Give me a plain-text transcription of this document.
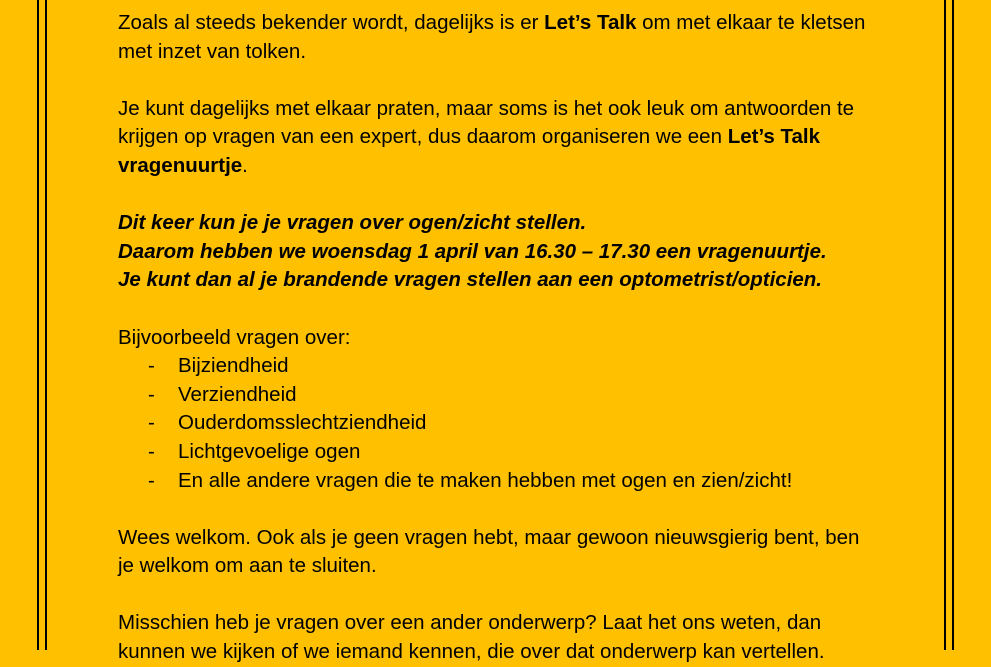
Zoals al steeds bekender wordt, dagelijks is er Let’s Talk om met elkaar te kletsen met inzet van tolken.

Je kunt dagelijks met elkaar praten, maar soms is het ook leuk om antwoorden te krijgen op vragen van een expert, dus daarom organiseren we een Let’s Talk vragenuurtje.

Dit keer kun je je vragen over ogen/zicht stellen.
Daarom hebben we woensdag 1 april van 16.30 – 17.30 een vragenuurtje.
Je kunt dan al je brandende vragen stellen aan een optometrist/opticien.

Bijvoorbeeld vragen over:

- Bijziendheid
- Verziendheid
- Ouderdomsslechtziendheid
- Lichtgevoelige ogen
- En alle andere vragen die te maken hebben met ogen en zien/zicht!

Wees welkom. Ook als je geen vragen hebt, maar gewoon nieuwsgierig bent, ben je welkom om aan te sluiten.

Misschien heb je vragen over een ander onderwerp? Laat het ons weten, dan kunnen we kijken of we iemand kennen, die over dat onderwerp kan vertellen.
